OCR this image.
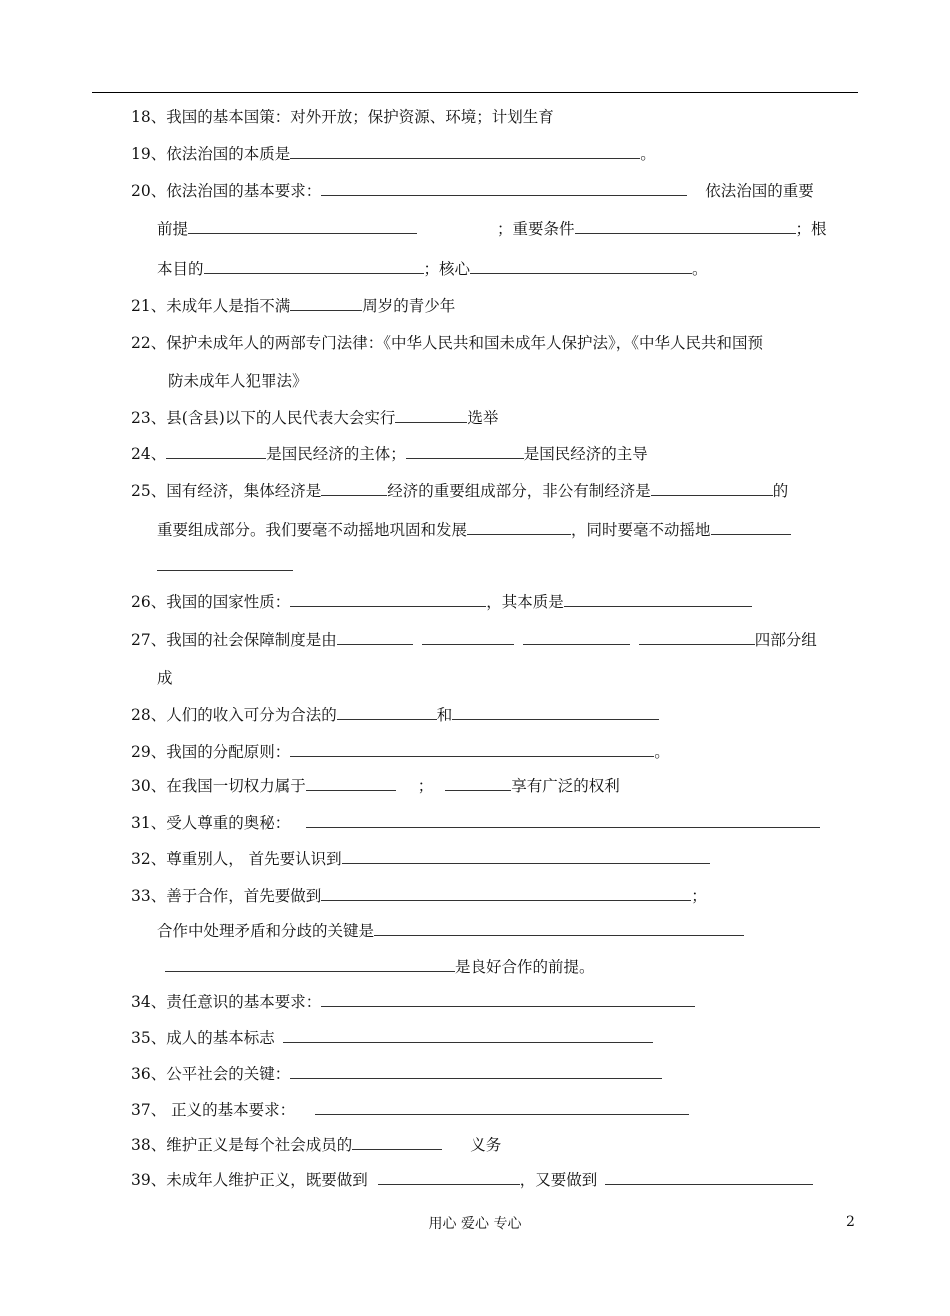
18、我国的基本国策：对外开放；保护资源、环境；计划生育
19、依法治国的本质是	。
20、依法治国的基本要求：	依法治国的重要
前提	；重要条件	；根
本目的	；核心	。
21、未成年人是指不满	周岁的青少年
22、保护未成年人的两部专门法律：《中华人民共和国未成年人保护法》，《中华人民共和国预
防未成年人犯罪法》
23、县(含县)以下的人民代表大会实行	选举
24、	是国民经济的主体；	是国民经济的主导
25、国有经济，集体经济是	经济的重要组成部分，非公有制经济是	的
重要组成部分。我们要毫不动摇地巩固和发展	，同时要毫不动摇地
26、我国的国家性质：	，其本质是
27、我国的社会保障制度是由	四部分组
成
28、人们的收入可分为合法的	和
29、我国的分配原则：	。
30、在我国一切权力属于	；	享有广泛的权利
31、受人尊重的奥秘：
32、尊重别人， 首先要认识到
33、善于合作，首先要做到	；
合作中处理矛盾和分歧的关键是
是良好合作的前提。
34、责任意识的基本要求：
35、成人的基本标志
36、公平社会的关键：
37、 正义的基本要求：
38、维护正义是每个社会成员的	义务
39、未成年人维护正义，既要做到	，又要做到
用心 爱心 专心	2
